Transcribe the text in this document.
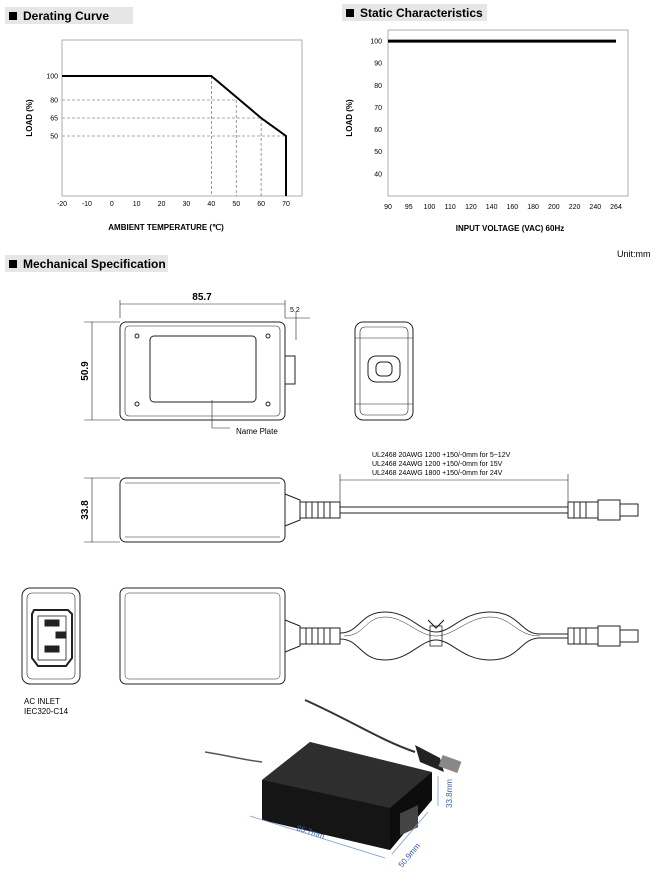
Derating Curve	Static Characteristics
Mechanical Specification
Unit:mm
-20 -10	0	10 20 30 40 50 60 70
100
80
65
50
AMBIENT TEMPERATURE (℃)
LOAD (%)
90 95 100 110 120 140 160 180 200 220 240 264
100
90
80
70
60
50
40
INPUT VOLTAGE (VAC) 60Hz
LOAD (%)
85.7
5.2
50.9
Name Plate
33.8
UL2468 20AWG 1200 +150/-0mm for 5~12V
UL2468 24AWG 1200 +150/-0mm for 15V
UL2468 24AWG 1800 +150/-0mm for 24V
AC INLET
IEC320-C14
85.7mm
50.9mm
33.8mm
